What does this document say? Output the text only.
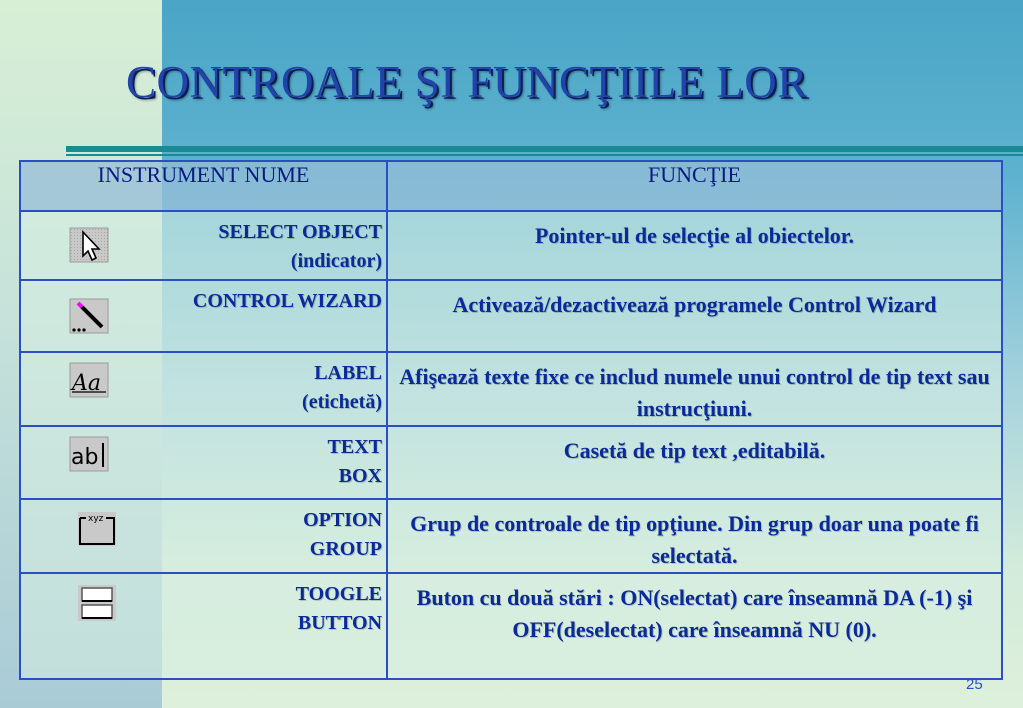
CONTROALE ŞI FUNCŢIILE LOR
INSTRUMENT NUME	FUNCŢIE

SELECT OBJECT
(indicator)	Pointer-ul de selecţie al obiectelor.

CONTROL WIZARD	Activează/dezactivează programele Control Wizard

Aa LABEL
(etichetă)	Afişează texte fixe ce includ numele unui control de tip text sau instrucţiuni.

ab TEXT
BOX	Casetă de tip text ,editabilă.

xyz OPTION
GROUP	Grup de controale de tip opţiune. Din grup doar una poate fi selectată.

TOOGLE
BUTTON	Buton cu două stări : ON(selectat) care înseamnă DA (-1) şi OFF(deselectat) care înseamnă NU (0).
25
